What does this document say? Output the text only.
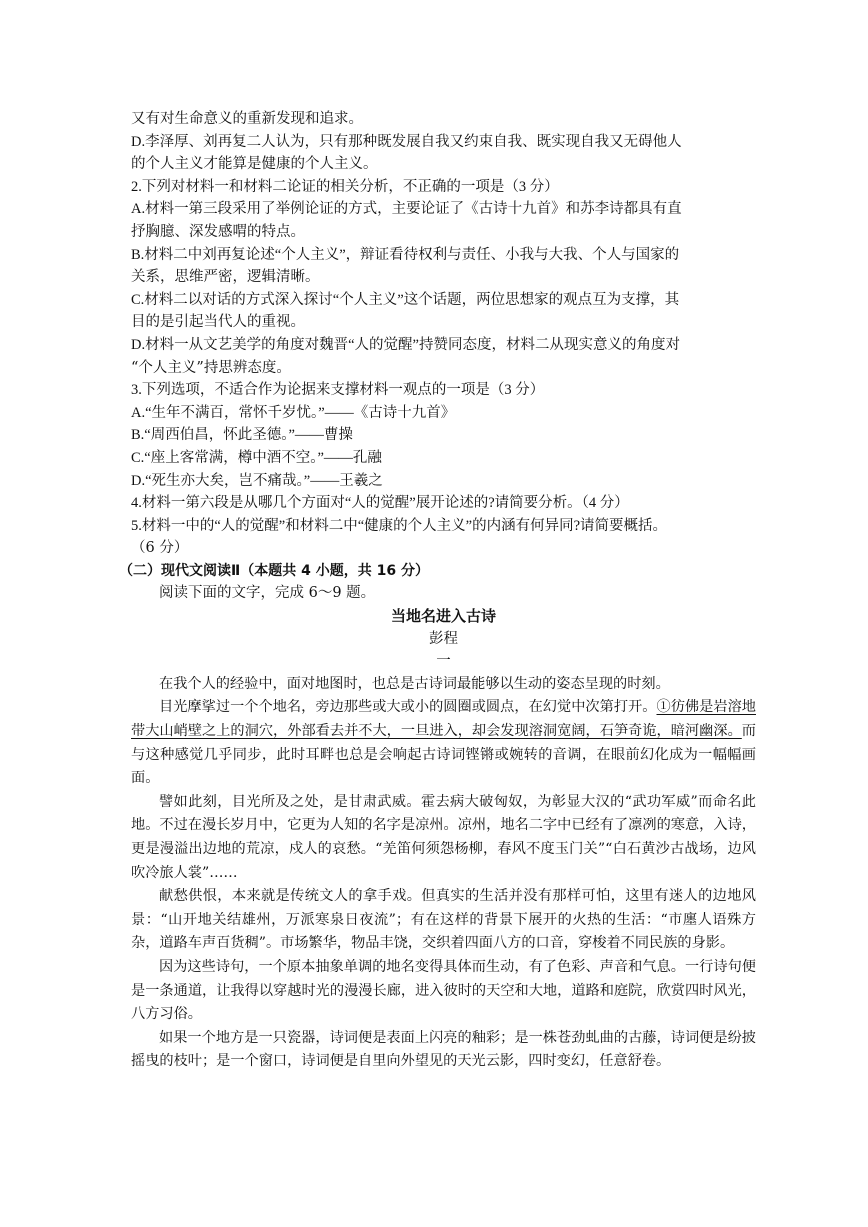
又有对生命意义的重新发现和追求。
D.李泽厚、刘再复二人认为，只有那种既发展自我又约束自我、既实现自我又无碍他人
的个人主义才能算是健康的个人主义。
2.下列对材料一和材料二论证的相关分析，不正确的一项是（3 分）
A.材料一第三段采用了举例论证的方式，主要论证了《古诗十九首》和苏李诗都具有直
抒胸臆、深发感喟的特点。
B.材料二中刘再复论述“个人主义”，辩证看待权利与责任、小我与大我、个人与国家的
关系，思维严密，逻辑清晰。
C.材料二以对话的方式深入探讨“个人主义”这个话题，两位思想家的观点互为支撑，其
目的是引起当代人的重视。
D.材料一从文艺美学的角度对魏晋“人的觉醒”持赞同态度，材料二从现实意义的角度对
“个人主义”持思辨态度。
3.下列选项，不适合作为论据来支撑材料一观点的一项是（3 分）
A.“生年不满百，常怀千岁忧。”——《古诗十九首》
B.“周西伯昌，怀此圣德。”——曹操
C.“座上客常满，樽中酒不空。”——孔融
D.“死生亦大矣，岂不痛哉。”——王羲之
4.材料一第六段是从哪几个方面对“人的觉醒”展开论述的?请简要分析。（4 分）
5.材料一中的“人的觉醒”和材料二中“健康的个人主义”的内涵有何异同?请简要概括。
（6 分）
（二）现代文阅读Ⅱ（本题共 4 小题，共 16 分）
阅读下面的文字，完成 6～9 题。
当地名进入古诗
彭程
一

在我个人的经验中，面对地图时，也总是古诗词最能够以生动的姿态呈现的时刻。

目光摩挲过一个个地名，旁边那些或大或小的圆圈或圆点，在幻觉中次第打开。①彷佛是岩溶地带大山峭壁之上的洞穴，外部看去并不大，一旦进入，却会发现溶洞宽阔，石笋奇诡，暗河幽深。而与这种感觉几乎同步，此时耳畔也总是会响起古诗词铿锵或婉转的音调，在眼前幻化成为一幅幅画面。

譬如此刻，目光所及之处，是甘肃武威。霍去病大破匈奴，为彰显大汉的“武功军威”而命名此地。不过在漫长岁月中，它更为人知的名字是凉州。凉州，地名二字中已经有了凛冽的寒意，入诗，更是漫溢出边地的荒凉，戍人的哀愁。“羌笛何须怨杨柳，春风不度玉门关”“白石黄沙古战场，边风吹冷旅人裳”……

献愁供恨，本来就是传统文人的拿手戏。但真实的生活并没有那样可怕，这里有迷人的边地风景：“山开地关结雄州，万派寒泉日夜流”；有在这样的背景下展开的火热的生活：“市廛人语殊方杂，道路车声百货稠”。市场繁华，物品丰饶，交织着四面八方的口音，穿梭着不同民族的身影。

因为这些诗句，一个原本抽象单调的地名变得具体而生动，有了色彩、声音和气息。一行诗句便是一条通道，让我得以穿越时光的漫漫长廊，进入彼时的天空和大地，道路和庭院，欣赏四时风光，八方习俗。

如果一个地方是一只瓷器，诗词便是表面上闪亮的釉彩；是一株苍劲虬曲的古藤，诗词便是纷披摇曳的枝叶；是一个窗口，诗词便是自里向外望见的天光云影，四时变幻，任意舒卷。
